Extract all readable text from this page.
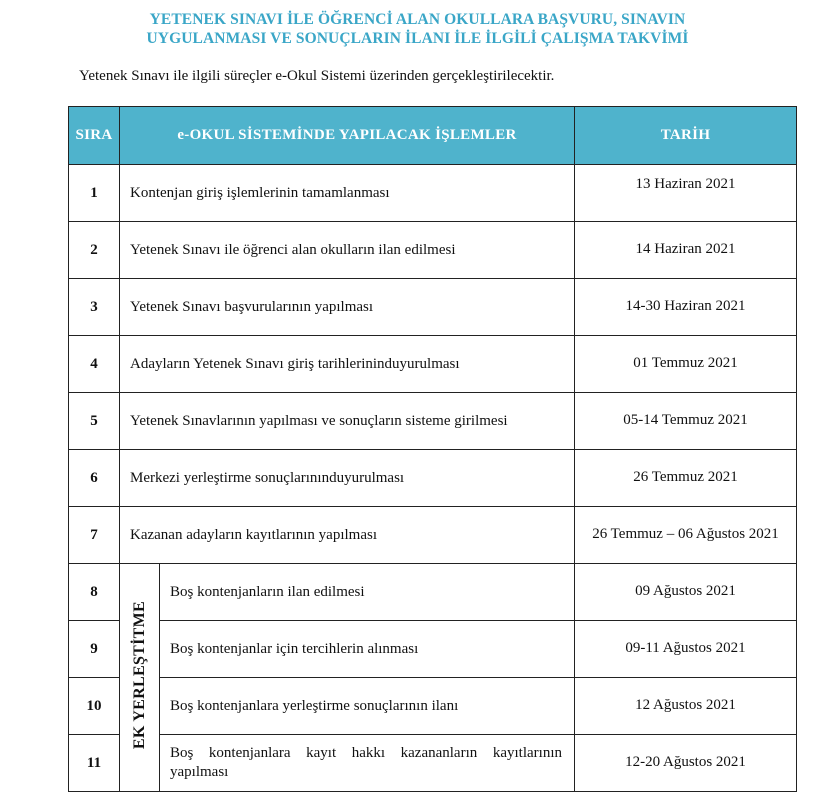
YETENEK SINAVI İLE ÖĞRENCİ ALAN OKULLARA BAŞVURU, SINAVIN
UYGULANMASI VE SONUÇLARIN İLANI İLE İLGİLİ ÇALIŞMA TAKVİMİ
Yetenek Sınavı ile ilgili süreçler e-Okul Sistemi üzerinden gerçekleştirilecektir.
SIRA	e-OKUL SİSTEMİNDE YAPILACAK İŞLEMLER		TARİH
1	Kontenjan giriş işlemlerinin tamamlanması		13 Haziran 2021
2	Yetenek Sınavı ile öğrenci alan okulların ilan edilmesi		14 Haziran 2021
3	Yetenek Sınavı başvurularının yapılması		14-30 Haziran 2021
4	Adayların Yetenek Sınavı giriş tarihlerininduyurulması		01 Temmuz 2021
5	Yetenek Sınavlarının yapılması ve sonuçların sisteme girilmesi		05-14 Temmuz 2021
6	Merkezi yerleştirme sonuçlarınınduyurulması		26 Temmuz 2021
7	Kazanan adayların kayıtlarının yapılması		26 Temmuz – 06 Ağustos 2021
8	EK YERLEŞTİTME	Boş kontenjanların ilan edilmesi	09 Ağustos 2021
9		Boş kontenjanlar için tercihlerin alınması	09-11 Ağustos 2021
10		Boş kontenjanlara yerleştirme sonuçlarının ilanı	12 Ağustos 2021
11		Boş kontenjanlara kayıt hakkı kazananların kayıtlarının yapılması	12-20 Ağustos 2021
